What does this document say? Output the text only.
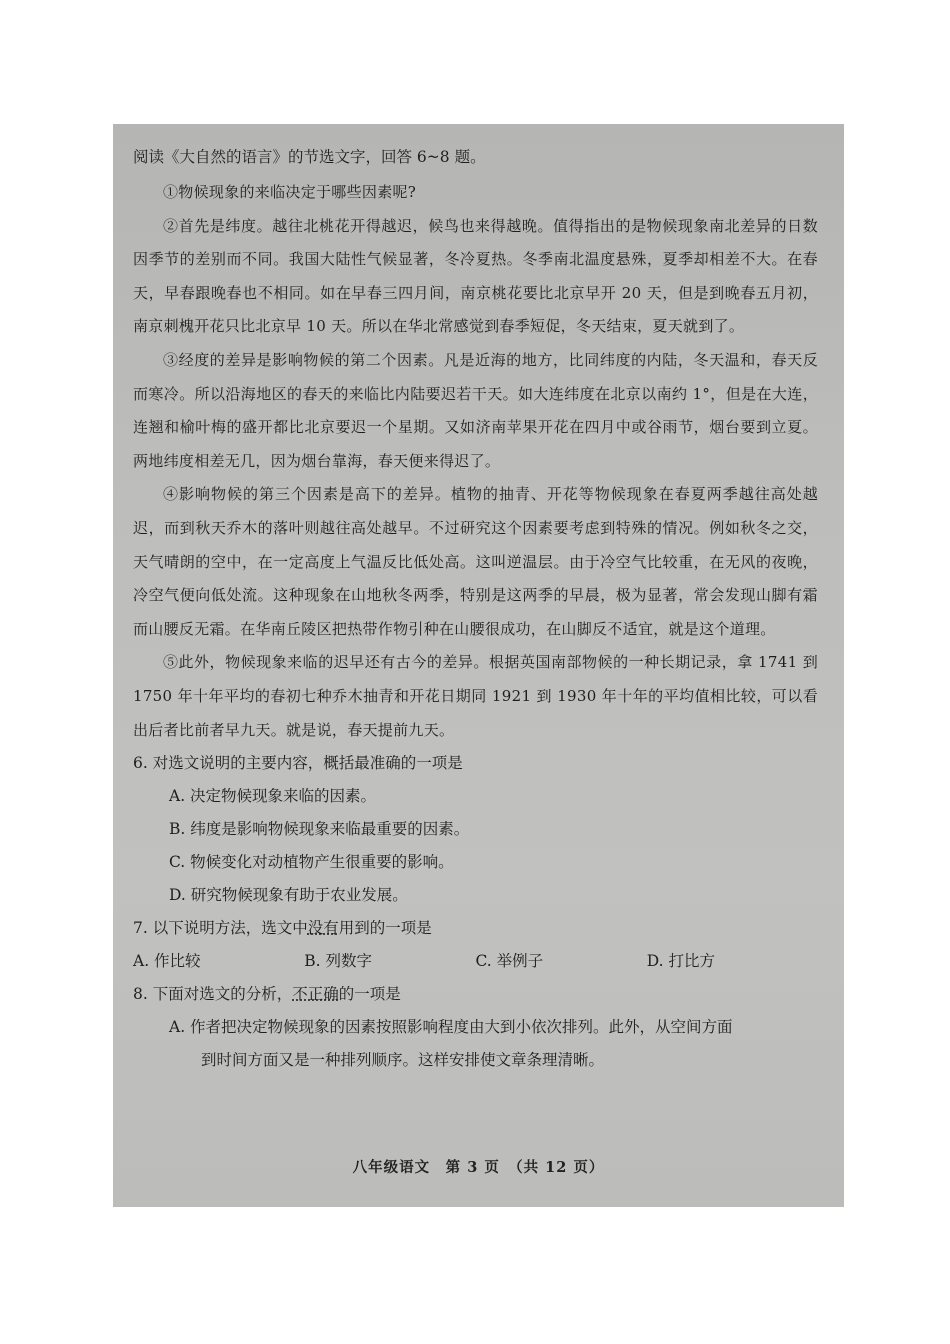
阅读《大自然的语言》的节选文字，回答 6~8 题。

①物候现象的来临决定于哪些因素呢?

②首先是纬度。越往北桃花开得越迟，候鸟也来得越晚。值得指出的是物候现象南北差异的日数因季节的差别而不同。我国大陆性气候显著，冬冷夏热。冬季南北温度悬殊，夏季却相差不大。在春天，早春跟晚春也不相同。如在早春三四月间，南京桃花要比北京早开 20 天，但是到晚春五月初，南京刺槐开花只比北京早 10 天。所以在华北常感觉到春季短促，冬天结束，夏天就到了。

③经度的差异是影响物候的第二个因素。凡是近海的地方，比同纬度的内陆，冬天温和，春天反而寒冷。所以沿海地区的春天的来临比内陆要迟若干天。如大连纬度在北京以南约 1°，但是在大连，连翘和榆叶梅的盛开都比北京要迟一个星期。又如济南苹果开花在四月中或谷雨节，烟台要到立夏。两地纬度相差无几，因为烟台靠海，春天便来得迟了。

④影响物候的第三个因素是高下的差异。植物的抽青、开花等物候现象在春夏两季越往高处越迟，而到秋天乔木的落叶则越往高处越早。不过研究这个因素要考虑到特殊的情况。例如秋冬之交，天气晴朗的空中，在一定高度上气温反比低处高。这叫逆温层。由于冷空气比较重，在无风的夜晚，冷空气便向低处流。这种现象在山地秋冬两季，特别是这两季的早晨，极为显著，常会发现山脚有霜而山腰反无霜。在华南丘陵区把热带作物引种在山腰很成功，在山脚反不适宜，就是这个道理。

⑤此外，物候现象来临的迟早还有古今的差异。根据英国南部物候的一种长期记录，拿 1741 到 1750 年十年平均的春初七种乔木抽青和开花日期同 1921 到 1930 年十年的平均值相比较，可以看出后者比前者早九天。就是说，春天提前九天。

6. 对选文说明的主要内容，概括最准确的一项是

A. 决定物候现象来临的因素。

B. 纬度是影响物候现象来临最重要的因素。

C. 物候变化对动植物产生很重要的影响。

D. 研究物候现象有助于农业发展。

7. 以下说明方法，选文中没有用到的一项是

A. 作比较	B. 列数字	C. 举例子	D. 打比方

8. 下面对选文的分析，不正确的一项是

A. 作者把决定物候现象的因素按照影响程度由大到小依次排列。此外，从空间方面
到时间方面又是一种排列顺序。这样安排使文章条理清晰。

八年级语文　第 3 页　（共 12 页）
